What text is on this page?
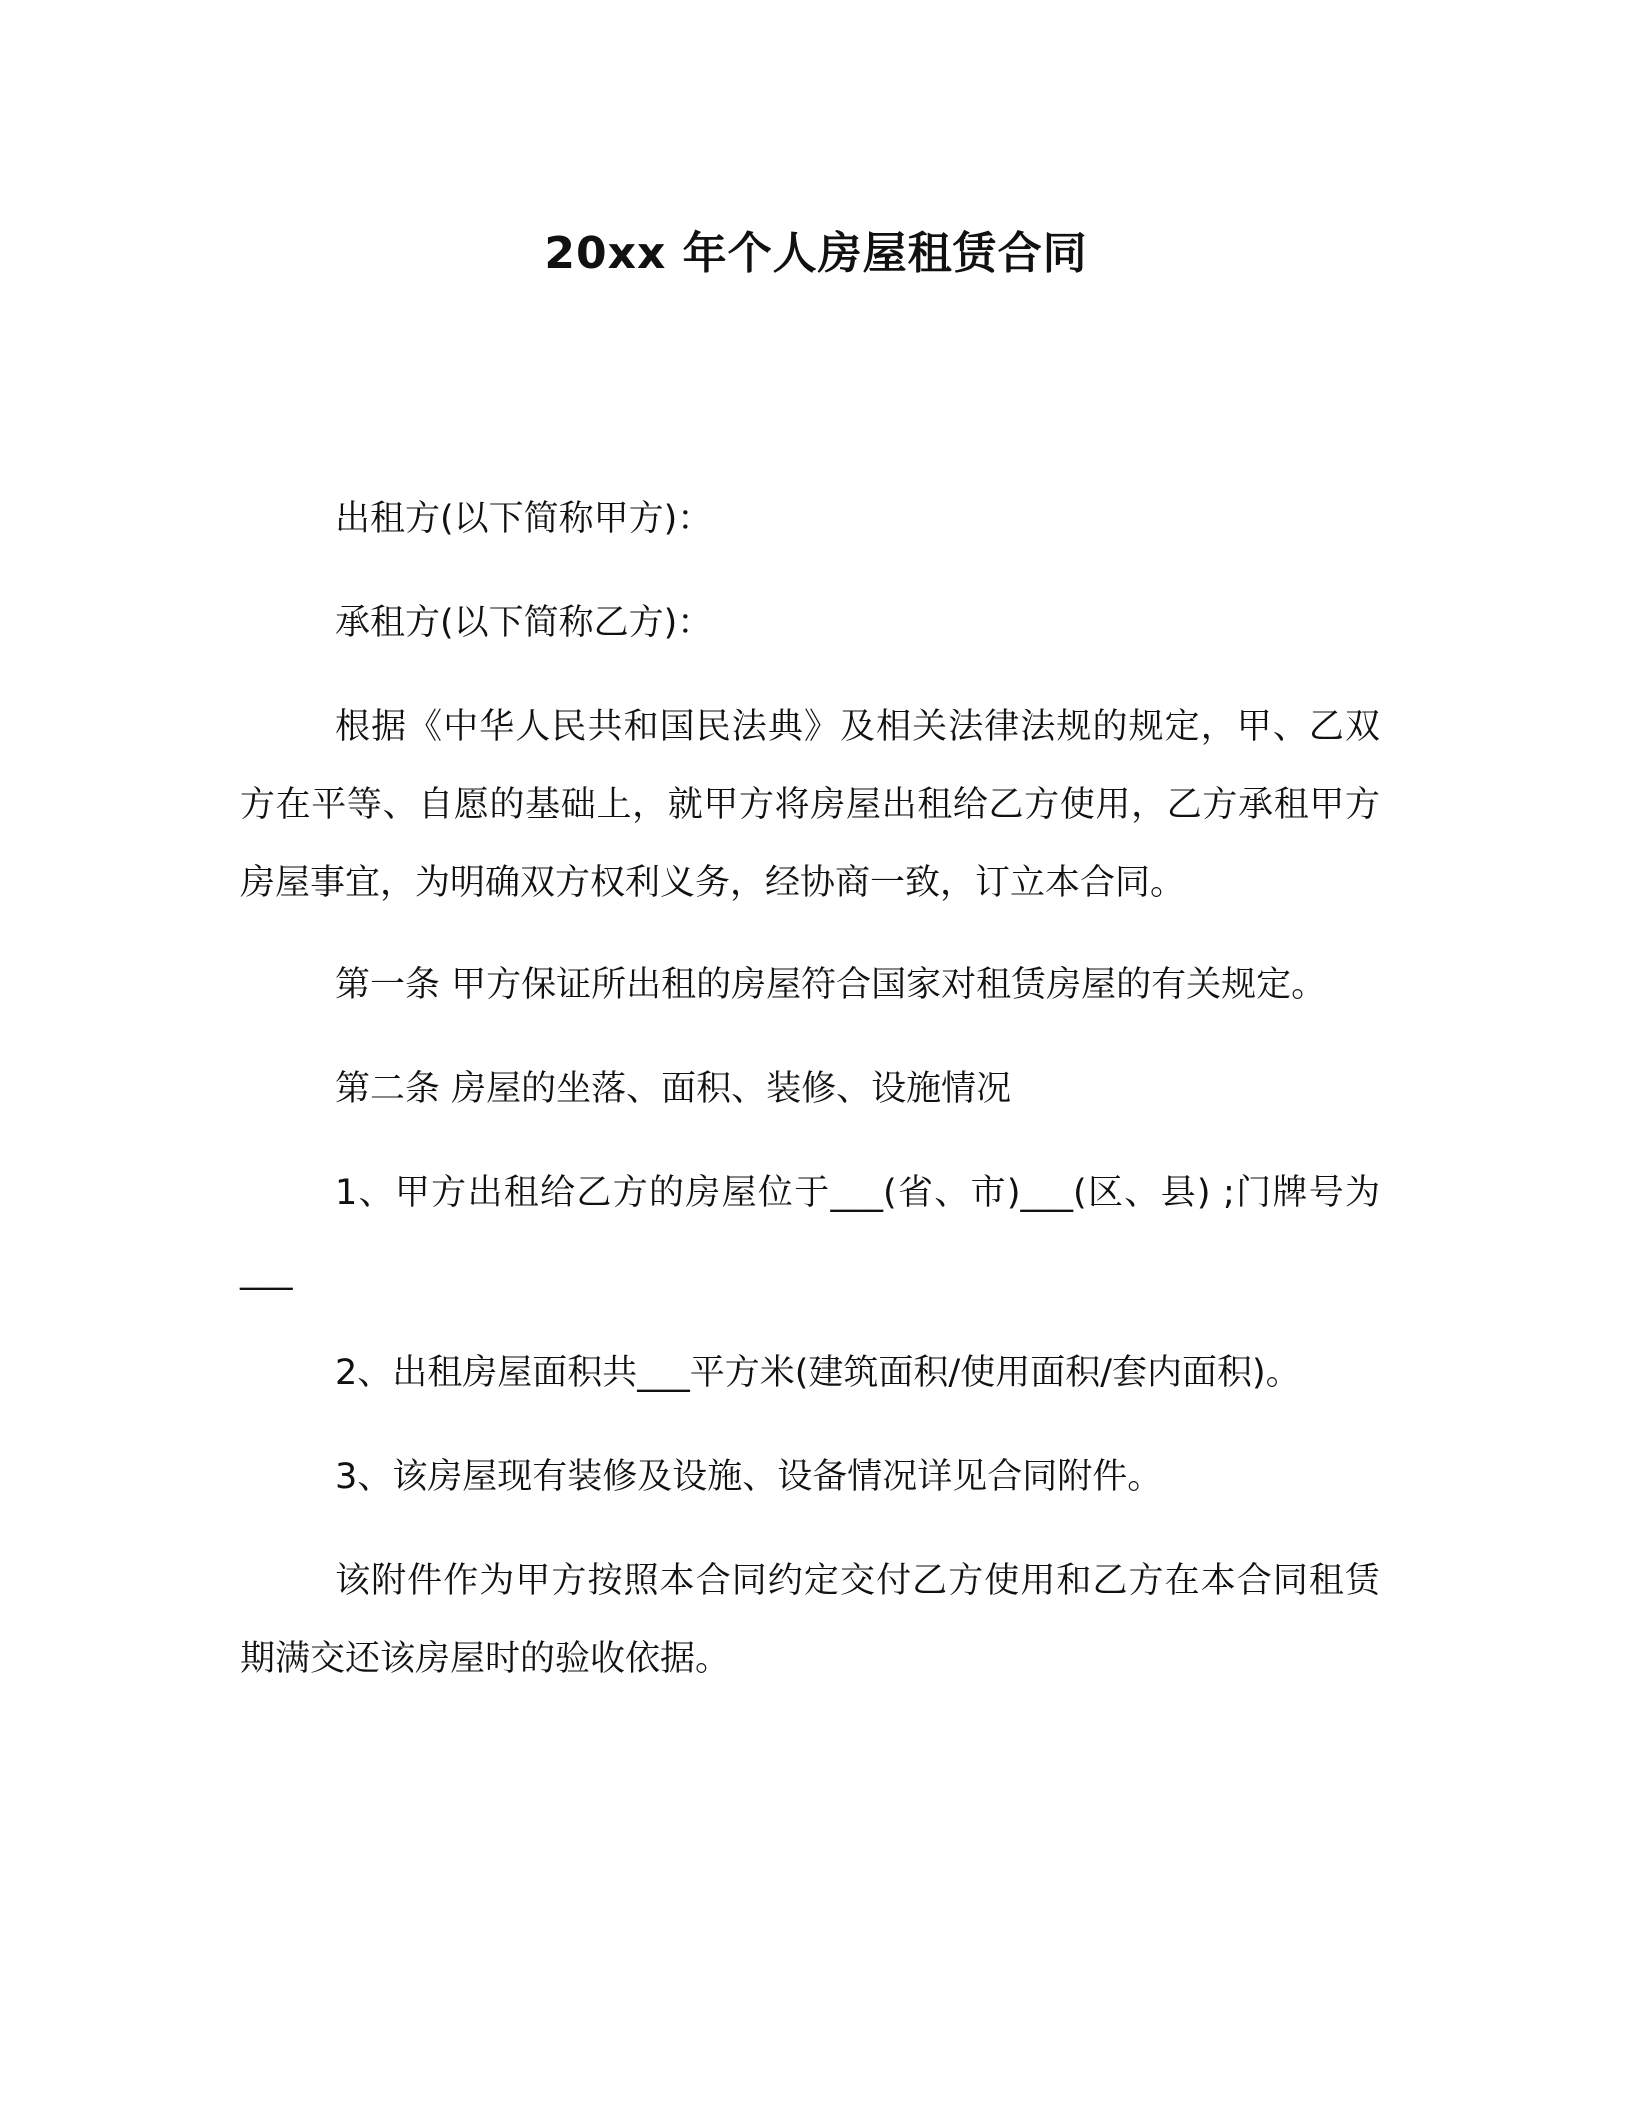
20xx 年个人房屋租赁合同

出租方(以下简称甲方)：

承租方(以下简称乙方)：

根据《中华人民共和国民法典》及相关法律法规的规定，甲、乙双方在平等、自愿的基础上，就甲方将房屋出租给乙方使用，乙方承租甲方房屋事宜，为明确双方权利义务，经协商一致，订立本合同。

第一条 甲方保证所出租的房屋符合国家对租赁房屋的有关规定。

第二条 房屋的坐落、面积、装修、设施情况

1、甲方出租给乙方的房屋位于___(省、市)___(区、县) ;门牌号为___

2、出租房屋面积共___平方米(建筑面积/使用面积/套内面积)。

3、该房屋现有装修及设施、设备情况详见合同附件。

该附件作为甲方按照本合同约定交付乙方使用和乙方在本合同租赁期满交还该房屋时的验收依据。
